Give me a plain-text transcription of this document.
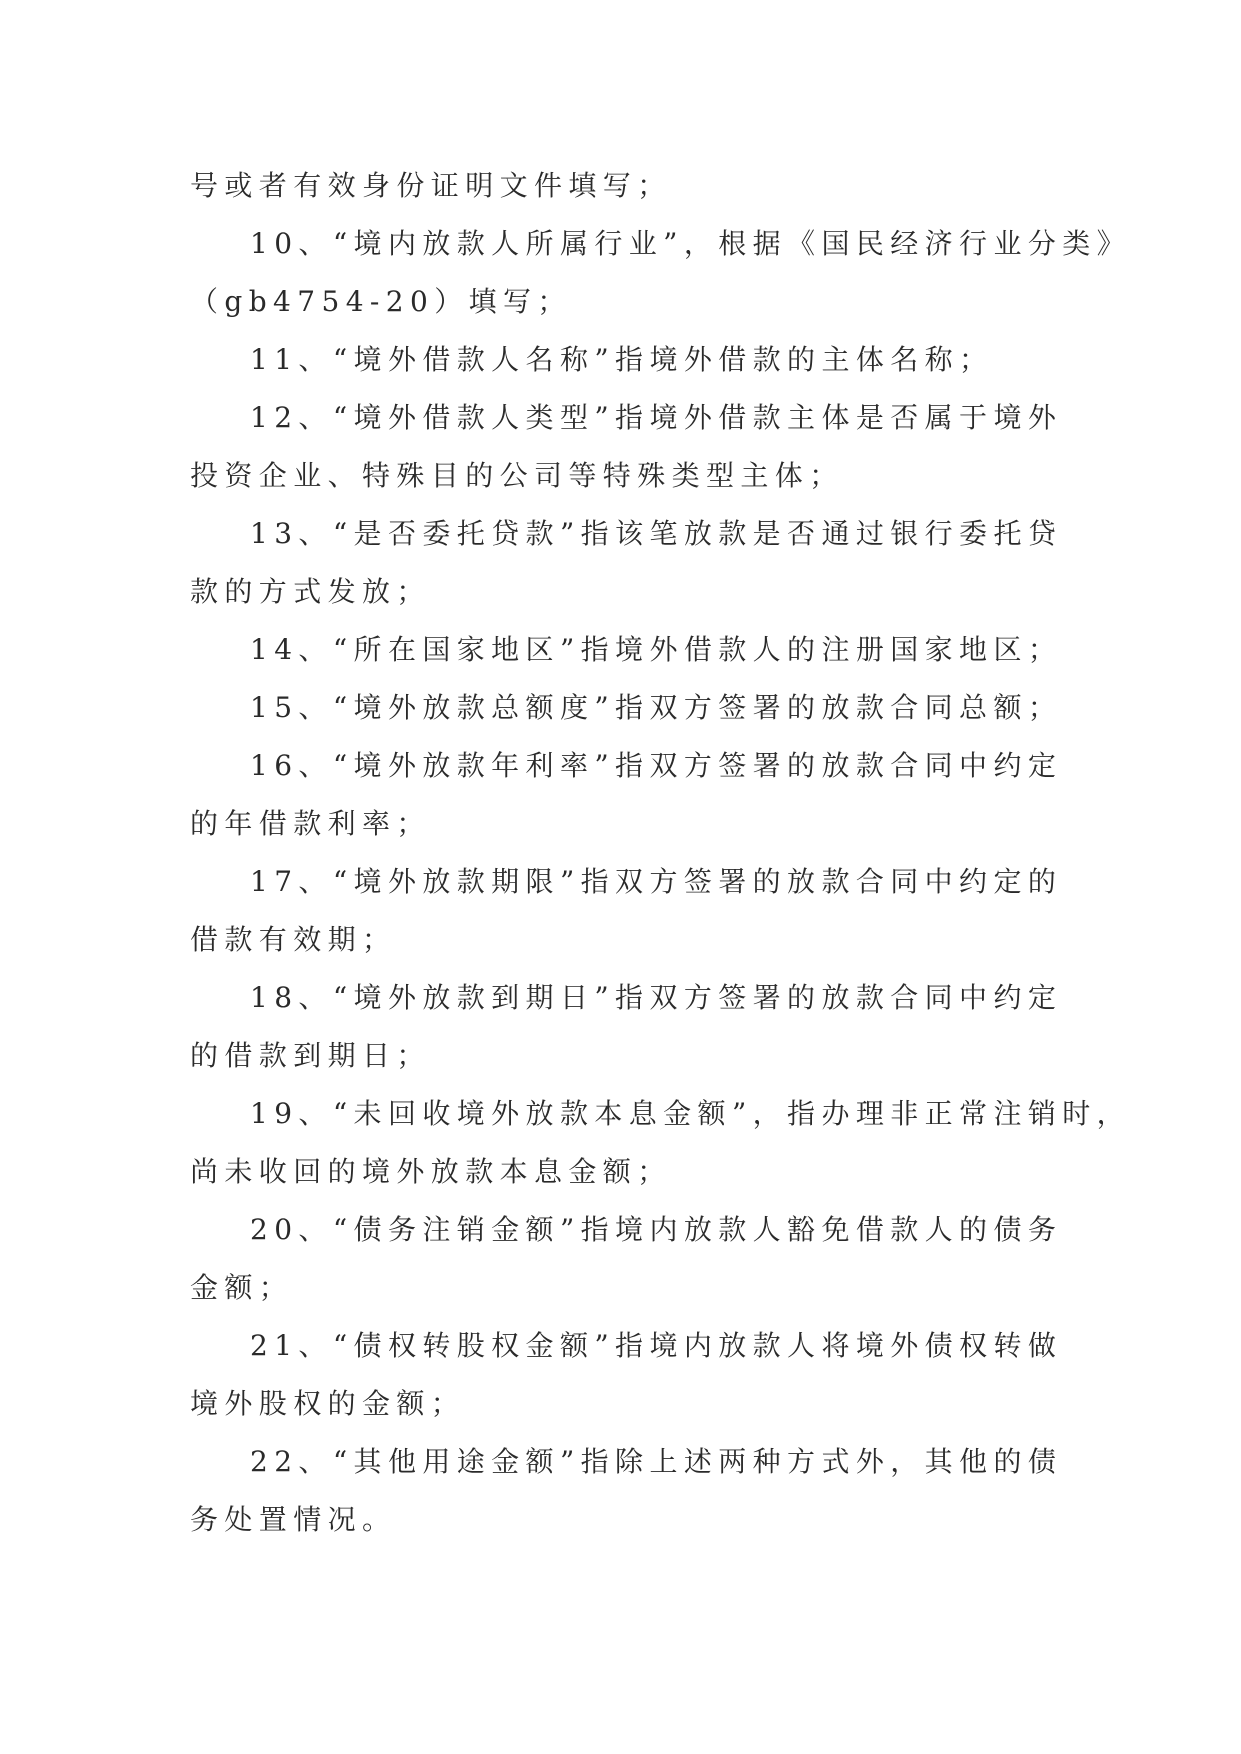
号或者有效身份证明文件填写；
10、“境内放款人所属行业”，根据《国民经济行业分类》
（gb4754-20）填写；
11、“境外借款人名称”指境外借款的主体名称；
12、“境外借款人类型”指境外借款主体是否属于境外
投资企业、特殊目的公司等特殊类型主体；
13、“是否委托贷款”指该笔放款是否通过银行委托贷
款的方式发放；
14、“所在国家地区”指境外借款人的注册国家地区；
15、“境外放款总额度”指双方签署的放款合同总额；
16、“境外放款年利率”指双方签署的放款合同中约定
的年借款利率；
17、“境外放款期限”指双方签署的放款合同中约定的
借款有效期；
18、“境外放款到期日”指双方签署的放款合同中约定
的借款到期日；
19、“未回收境外放款本息金额”，指办理非正常注销时，
尚未收回的境外放款本息金额；
20、“债务注销金额”指境内放款人豁免借款人的债务
金额；
21、“债权转股权金额”指境内放款人将境外债权转做
境外股权的金额；
22、“其他用途金额”指除上述两种方式外，其他的债
务处置情况。
